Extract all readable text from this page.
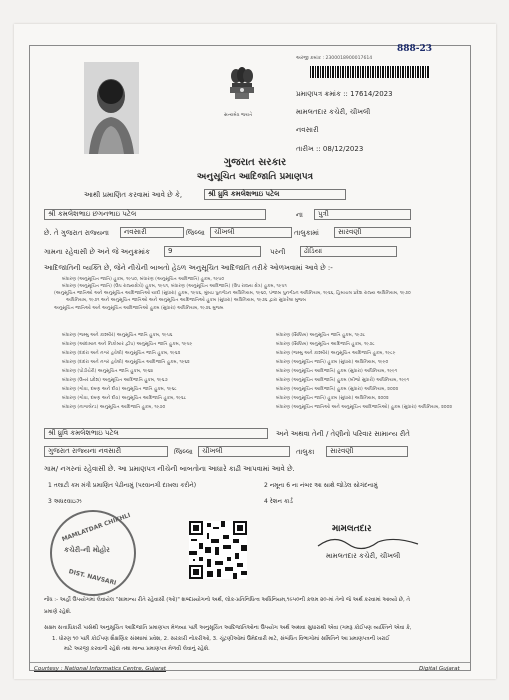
888-23
સત્યમેવ જયતે
અરજી ક્રમાંક : 2300018900017614
પ્રમાણપત્ર ક્રમાંક :: 17614/2023
મામલતદાર કચેરી, ચીખલી
નવસારી
તારીખ :: 08/12/2023
ગુજરાત સરકાર
અનુસૂચિત આદિજાતિ પ્રમાણપત્ર
આથી પ્રમાણિત કરવામાં આવે છે કે,	શ્રી ધ્રુવિ કમલેશભાઇ પટેલ
શ્રી કમલેશભાઇ છગનભાઇ પટેલ	ના પુત્રી
છે. તે ગુજરાત રાજ્યના નવસારી	જિલ્લા ચીખલી	તાલુકામાં	સારવણી
ગામના રહેવાસી છે અને જે અનુક્રમાંક	9	પરની	ઢોડિયા
આદિજાતિની વ્યક્તિ છે, જેને નીચેની બાબતો હેઠળ અનુસૂચિત આદિજાતિ તરીકે ઓળખવામાં આવે છે :-
બંધારણ (અનુસૂચિત જાતિ) હુકમ, ૧૯૫૦, બંધારણ (અનુસૂચિત આદિજાતિ) હુકમ, ૧૯૫૦
બંધારણ (અનુસૂચિત જાતિ) (ઉપ રાજ્યક્ષેત્રો) હુકમ, ૧૯૫૧, બંધારણ (અનુસૂચિત આદિજાતિ) (ઉપ રાજ્ય ક્ષેત્ર) હુકમ, ૧૯૫૧
(અનુસૂચિત જાતિઓ અને અનુસૂચિત આદિજાતિઓ યાદી (સુધારા) હુકમ, ૧૯૫૬, મુંબઇ પુનર્ગઠન અધિનિયમ, ૧૯૬૦, પંજાબ પુનર્ગઠન અધિનિયમ, ૧૯૬૬, હિમાચલ પ્રદેશ રાજ્ય અધિનિયમ, ૧૯૭૦
અધિનિયમ, ૧૯૭૧ અને અનુસૂચિત જાતિઓ અને અનુસૂચિત આદિજાતિઓ હુકમ (સુધારા) અધિનિયમ, ૧૯૭૬ દ્વારા સુધારેલા મુજબ
અનુસૂચિત જાતિઓ અને અનુસૂચિત આદિજાતિઓ હુકમ (સુધારા) અધિનિયમ, ૧૯૭૬ મુજબ
બંધારણ (જમ્મુ અને કાશ્મીર) અનુસૂચિત જાતિ હુકમ, ૧૯૫૬
બંધારણ (આંદામાન અને નિકોબાર દ્વીપ) અનુસૂચિત જાતિ હુકમ, ૧૯૫૯
બંધારણ (દાદરા અને નગર હવેલી) અનુસૂચિત જાતિ હુકમ, ૧૯૬૨
બંધારણ (દાદરા અને નગર હવેલી) અનુસૂચિત આદિજાતિ હુકમ, ૧૯૬૨
બંધારણ (પોંડીચેરી) અનુસૂચિત જાતિ હુકમ, ૧૯૬૪
બંધારણ (ઉત્તર પ્રદેશ) અનુસૂચિત આદિજાતિ હુકમ, ૧૯૬૭
બંધારણ (ગોવા, દમણ અને દીવ) અનુસૂચિત જાતિ હુકમ, ૧૯૬૮
બંધારણ (ગોવા, દમણ અને દીવ) અનુસૂચિત આદિજાતિ હુકમ, ૧૯૬૮
બંધારણ (નાગાલેન્ડ) અનુસૂચિત આદિજાતિ હુકમ, ૧૯૭૦
બંધારણ (સિક્કિમ) અનુસૂચિત જાતિ હુકમ, ૧૯૭૮
બંધારણ (સિક્કિમ) અનુસૂચિત આદિજાતિ હુકમ, ૧૯૭૮
બંધારણ (જમ્મુ અને કાશ્મીર) અનુસૂચિત આદિજાતિ હુકમ, ૧૯૮૯
બંધારણ (અનુસૂચિત જાતિ) હુકમ (સુધારા) અધિનિયમ, ૧૯૯૦
બંધારણ (અનુસૂચિત આદિજાતિ) હુકમ (સુધારા) અધિનિયમ, ૧૯૯૧
બંધારણ (અનુસૂચિત આદિજાતિ) હુકમ (બીજો સુધારો) અધિનિયમ, ૧૯૯૧
બંધારણ (અનુસૂચિત આદિજાતિ) હુકમ (સુધારા) અધિનિયમ, ૨૦૦૨
બંધારણ (અનુસૂચિત જાતિ) હુકમ (સુધારા) અધિનિયમ, ૨૦૦૨
બંધારણ (અનુસૂચિત જાતિઓ અને અનુસૂચિત આદિજાતિઓ) હુકમ (સુધારા) અધિનિયમ, ૨૦૦૨
શ્રી ધ્રુવિ કમલેશભાઇ પટેલ	અને અથવા તેની / તેણીનો પરિવાર સામાન્ય રીતે
ગુજરાત રાજ્યના નવસારી	જિલ્લા ચીખલી	તાલુકા સારવણી
ગામ/ નગરનાં રહેવાસી છે. આ પ્રમાણપત્ર નીચેની બાબતોના આધારે કાઢી આપવામાં આવે છે.
1 તલાટી કમ મંત્રી પ્રમાણિત પેઢીનામું (પરવાનગી દાખલા કરીને)	2 નમૂના 6 ના નંબર આ સાથે જોડેલ સોગંદનામું
3 અધરવાઇઝ	4 રેશન કાર્ડ
MAMLATDAR CHIKHLI
કચેરી-ની મોહોર
DIST. NAVSARI
મામલતદાર
મામલતદાર કચેરી, ચીખલી
નોંધ :- અહીં ઉપયોગમાં લેવાયેલ "સામાન્ય રીતે રહેવાસી (ઓ)" શબ્દપ્રયોગનો અર્થ, લોક-પ્રતિનિધિત્વ અધિનિયમ,૧૯૫૦ની કલમ ૨૦-માં તેનો જે અર્થ કરવામાં આવ્યો છે, તે
પ્રમાણે રહેશે.
સક્ષમ સત્તાધિકારી પાસેથી અનુસૂચિત આદિજાતિ પ્રમાણપત્ર મેળવ્યા પછી અનુસૂચિત આદિજાતિઓના ઉપયોગ અર્થ અથવા સુધારાથી એવા (ગમરૂ કોઈપણ વ્યક્તિને એવા કે,
1. ધોરણ ૧૦ પછી કોઈપણ શૈક્ષણિક સંસ્થામાં પ્રવેશ, 2. સરકારી નોકરીઓ, 3. ચૂંટણીઓમાં ઉમેદવારી માટે, સંબંધિત વિભાગોમાં સમિતિને આ પ્રમાણપત્રની ખરાઈ
માટે અરજી કરવાની રહેશે તથા માન્ય પ્રમાણપત્ર મેળવી લેવાનું રહેશે.
Courtesy : National Informatics Centre, Gujarat	Digital Gujarat
